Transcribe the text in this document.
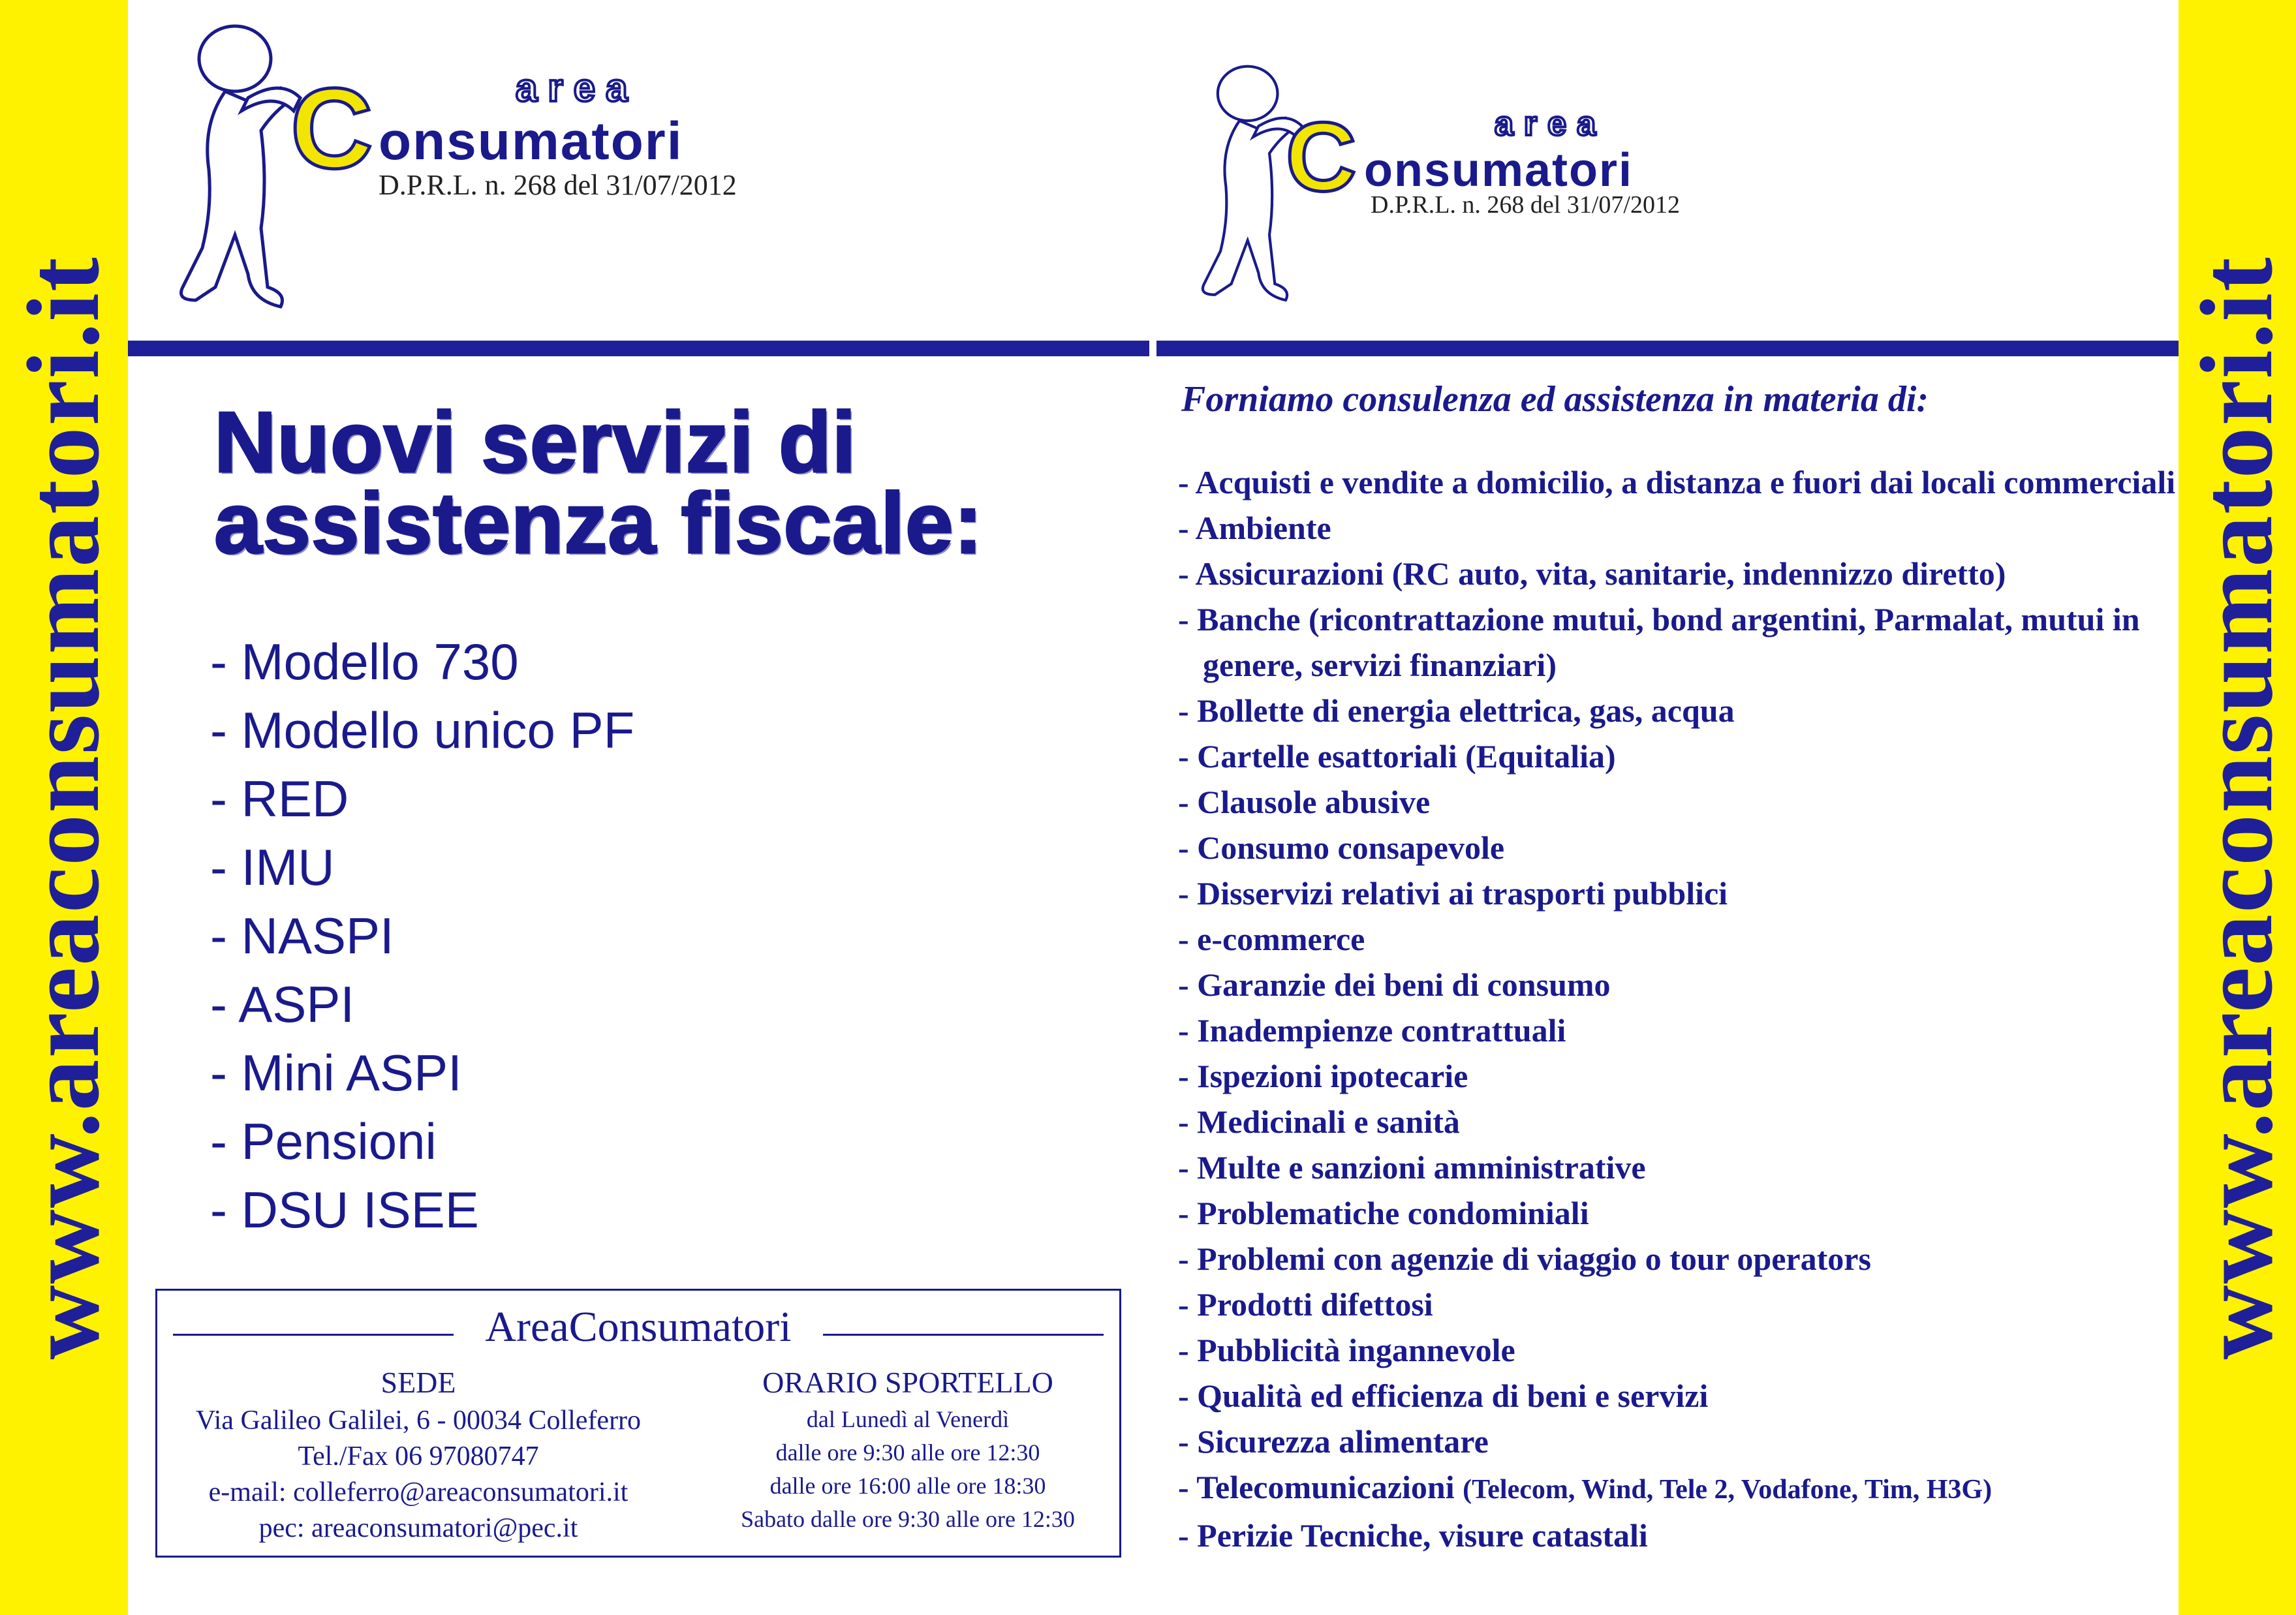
www.areaconsumatori.it	www.areaconsumatori.it
area
C onsumatori
D.P.R.L. n. 268 del 31/07/2012
area
C onsumatori
D.P.R.L. n. 268 del 31/07/2012
Nuovi servizi di
assistenza fiscale:
- Modello 730
- Modello unico PF
- RED
- IMU
- NASPI
- ASPI
- Mini ASPI
- Pensioni
- DSU ISEE
AreaConsumatori
SEDE
Via Galileo Galilei, 6 - 00034 Colleferro
Tel./Fax 06 97080747
e-mail: colleferro@areaconsumatori.it
pec: areaconsumatori@pec.it
ORARIO SPORTELLO
dal Lunedì al Venerdì
dalle ore 9:30 alle ore 12:30
dalle ore 16:00 alle ore 18:30
Sabato dalle ore 9:30 alle ore 12:30
Forniamo consulenza ed assistenza in materia di:
- Acquisti e vendite a domicilio, a distanza e fuori dai locali commerciali
- Ambiente
- Assicurazioni (RC auto, vita, sanitarie, indennizzo diretto)
- Banche (ricontrattazione mutui, bond argentini, Parmalat, mutui in genere, servizi finanziari)
- Bollette di energia elettrica, gas, acqua
- Cartelle esattoriali (Equitalia)
- Clausole abusive
- Consumo consapevole
- Disservizi relativi ai trasporti pubblici
- e-commerce
- Garanzie dei beni di consumo
- Inadempienze contrattuali
- Ispezioni ipotecarie
- Medicinali e sanità
- Multe e sanzioni amministrative
- Problematiche condominiali
- Problemi con agenzie di viaggio o tour operators
- Prodotti difettosi
- Pubblicità ingannevole
- Qualità ed efficienza di beni e servizi
- Sicurezza alimentare
- Telecomunicazioni (Telecom, Wind, Tele 2, Vodafone, Tim, H3G)
- Perizie Tecniche, visure catastali
